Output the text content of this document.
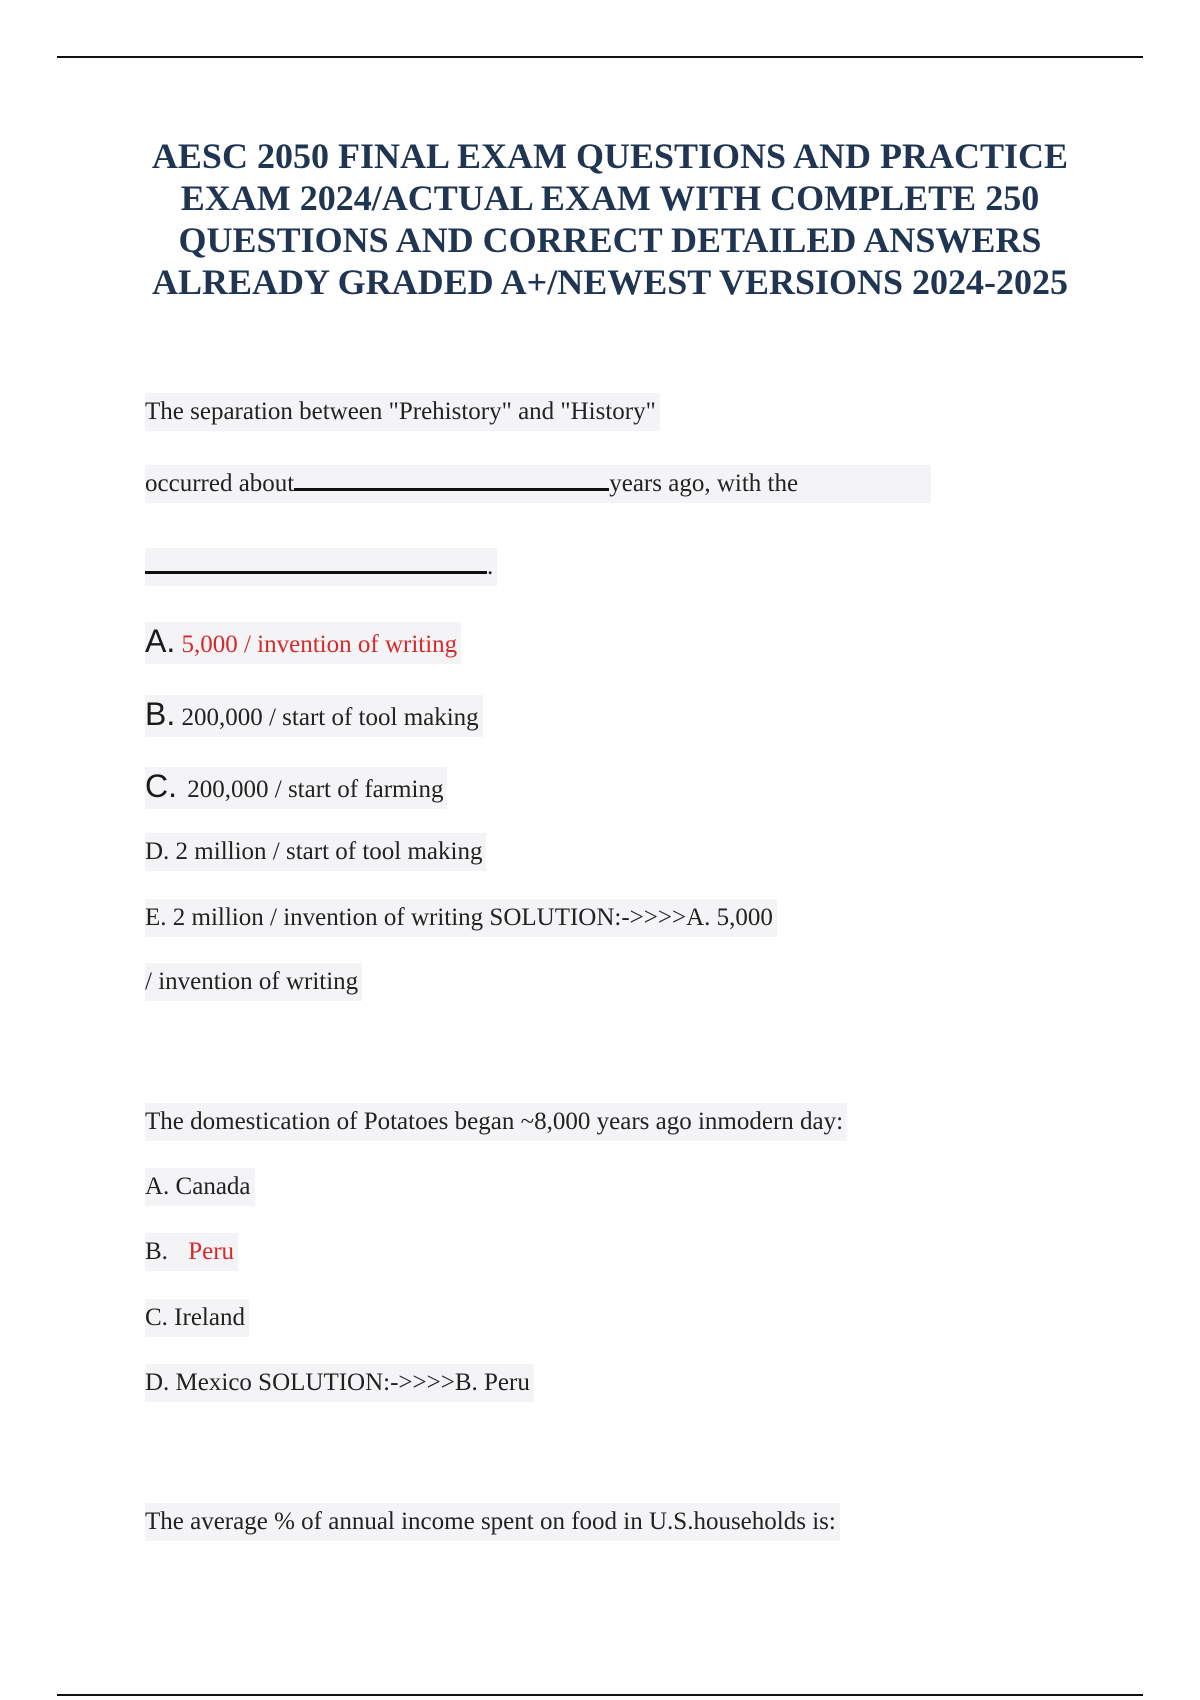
AESC 2050 FINAL EXAM QUESTIONS AND PRACTICE
EXAM 2024/ACTUAL EXAM WITH COMPLETE 250
QUESTIONS AND CORRECT DETAILED ANSWERS
ALREADY GRADED A+/NEWEST VERSIONS 2024-2025
The separation between "Prehistory" and "History"
occurred about	years ago, with the
.
A. 5,000 / invention of writing
B. 200,000 / start of tool making
C. 200,000 / start of farming
D. 2 million / start of tool making
E. 2 million / invention of writing SOLUTION:->>>>A. 5,000
/ invention of writing
The domestication of Potatoes began ~8,000 years ago inmodern day:
A. Canada
B. Peru
C. Ireland
D. Mexico SOLUTION:->>>>B. Peru
The average % of annual income spent on food in U.S.households is:
